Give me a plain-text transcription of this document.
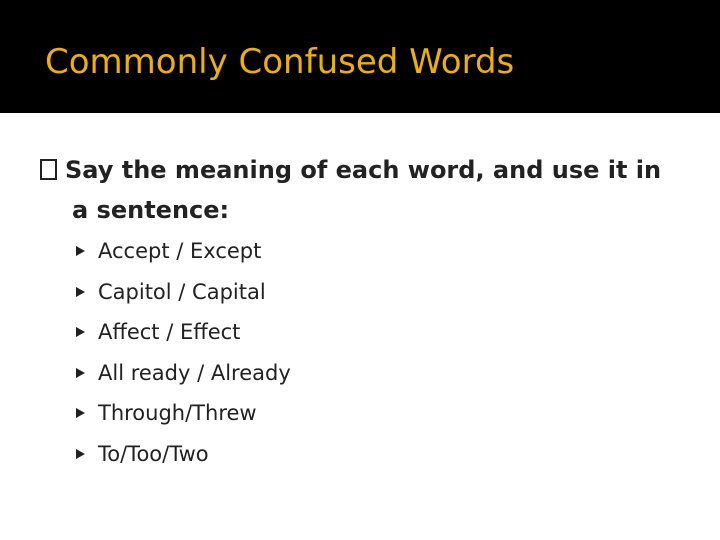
Commonly Confused Words
Say the meaning of each word, and use it in
a sentence:
Accept / Except
Capitol / Capital
Affect / Effect
All ready / Already
Through/Threw
To/Too/Two
